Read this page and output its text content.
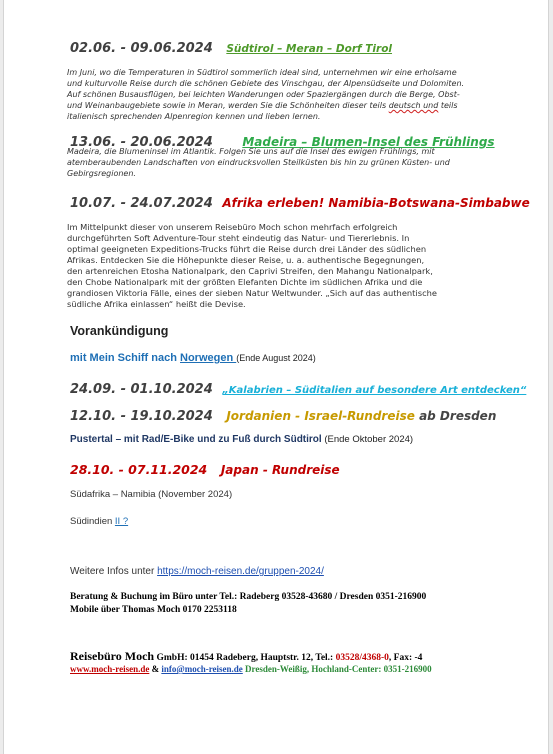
02.06. - 09.06.2024 Südtirol – Meran – Dorf Tirol
Im Juni, wo die Temperaturen in Südtirol sommerlich ideal sind, unternehmen wir eine erholsame
und kulturvolle Reise durch die schönen Gebiete des Vinschgau, der Alpensüdseite und Dolomiten.
Auf schönen Busausflügen, bei leichten Wanderungen oder Spaziergängen durch die Berge, Obst-
und Weinanbaugebiete sowie in Meran, werden Sie die Schönheiten dieser teils deutsch und teils
italienisch sprechenden Alpenregion kennen und lieben lernen.
13.06. - 20.06.2024 Madeira – Blumen-Insel des Frühlings
Madeira, die Blumeninsel im Atlantik. Folgen Sie uns auf die Insel des ewigen Frühlings, mit
atemberaubenden Landschaften von eindrucksvollen Steilküsten bis hin zu grünen Küsten- und
Gebirgsregionen.
10.07. - 24.07.2024 Afrika erleben! Namibia-Botswana-Simbabwe
Im Mittelpunkt dieser von unserem Reisebüro Moch schon mehrfach erfolgreich
durchgeführten Soft Adventure-Tour steht eindeutig das Natur- und Tiererlebnis. In
optimal geeigneten Expeditions-Trucks führt die Reise durch drei Länder des südlichen
Afrikas. Entdecken Sie die Höhepunkte dieser Reise, u. a. authentische Begegnungen,
den artenreichen Etosha Nationalpark, den Caprivi Streifen, den Mahangu Nationalpark,
den Chobe Nationalpark mit der größten Elefanten Dichte im südlichen Afrika und die
grandiosen Viktoria Fälle, eines der sieben Natur Weltwunder. „Sich auf das authentische
südliche Afrika einlassen“ heißt die Devise.
Vorankündigung
mit Mein Schiff nach Norwegen (Ende August 2024)
24.09. - 01.10.2024 „Kalabrien – Süditalien auf besondere Art entdecken“
12.10. - 19.10.2024 Jordanien - Israel-Rundreise ab Dresden
Pustertal – mit Rad/E-Bike und zu Fuß durch Südtirol (Ende Oktober 2024)
28.10. - 07.11.2024 Japan - Rundreise
Südafrika – Namibia (November 2024)
Südindien II ?
Weitere Infos unter https://moch-reisen.de/gruppen-2024/
Beratung & Buchung im Büro unter Tel.: Radeberg 03528-43680 / Dresden 0351-216900
Mobile über Thomas Moch 0170 2253118
Reisebüro Moch GmbH: 01454 Radeberg, Hauptstr. 12, Tel.: 03528/4368-0, Fax: -4
www.moch-reisen.de & info@moch-reisen.de Dresden-Weißig, Hochland-Center: 0351-216900
